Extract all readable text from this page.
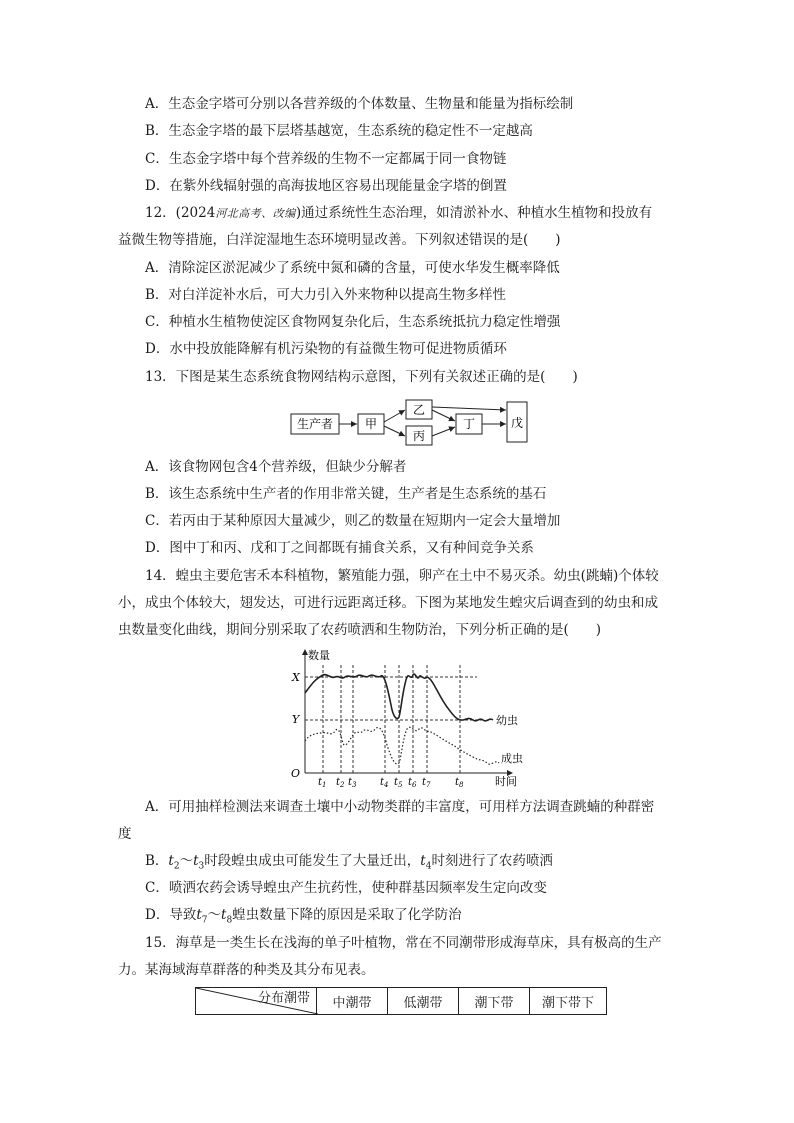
A．生态金字塔可分别以各营养级的个体数量、生物量和能量为指标绘制
B．生态金字塔的最下层塔基越宽，生态系统的稳定性不一定越高
C．生态金字塔中每个营养级的生物不一定都属于同一食物链
D．在紫外线辐射强的高海拔地区容易出现能量金字塔的倒置
12．(2024河北高考、改编)通过系统性生态治理，如清淤补水、种植水生植物和投放有
益微生物等措施，白洋淀湿地生态环境明显改善。下列叙述错误的是(　　)
A．清除淀区淤泥减少了系统中氮和磷的含量，可使水华发生概率降低
B．对白洋淀补水后，可大力引入外来物种以提高生物多样性
C．种植水生植物使淀区食物网复杂化后，生态系统抵抗力稳定性增强
D．水中投放能降解有机污染物的有益微生物可促进物质循环
13．下图是某生态系统食物网结构示意图，下列有关叙述正确的是(　　)
生产者	甲
乙
丙
丁	戊
A．该食物网包含4个营养级，但缺少分解者
B．该生态系统中生产者的作用非常关键，生产者是生态系统的基石
C．若丙由于某种原因大量减少，则乙的数量在短期内一定会大量增加
D．图中丁和丙、戊和丁之间都既有捕食关系，又有种间竞争关系
14．蝗虫主要危害禾本科植物，繁殖能力强，卵产在土中不易灭杀。幼虫(跳蝻)个体较
小，成虫个体较大，翅发达，可进行远距离迁移。下图为某地发生蝗灾后调查到的幼虫和成
虫数量变化曲线，期间分别采取了农药喷洒和生物防治，下列分析正确的是(　　)
数量
时间
O
X
Y	幼虫
成虫
$t_1$ $t_2$ $t_3$ $t_4$ $t_5$ $t_6$ $t_7$ $t_8$
A．可用抽样检测法来调查土壤中小动物类群的丰富度，可用样方法调查跳蝻的种群密
度
B．$t_2\sim t_3$时段蝗虫成虫可能发生了大量迁出，$t_4$时刻进行了农药喷洒
C．喷洒农药会诱导蝗虫产生抗药性，使种群基因频率发生定向改变
D．导致$t_7\sim t_8$蝗虫数量下降的原因是采取了化学防治
15．海草是一类生长在浅海的单子叶植物，常在不同潮带形成海草床，具有极高的生产
力。某海域海草群落的种类及其分布见表。
分布潮带	中潮带	低潮带	潮下带	潮下带下
